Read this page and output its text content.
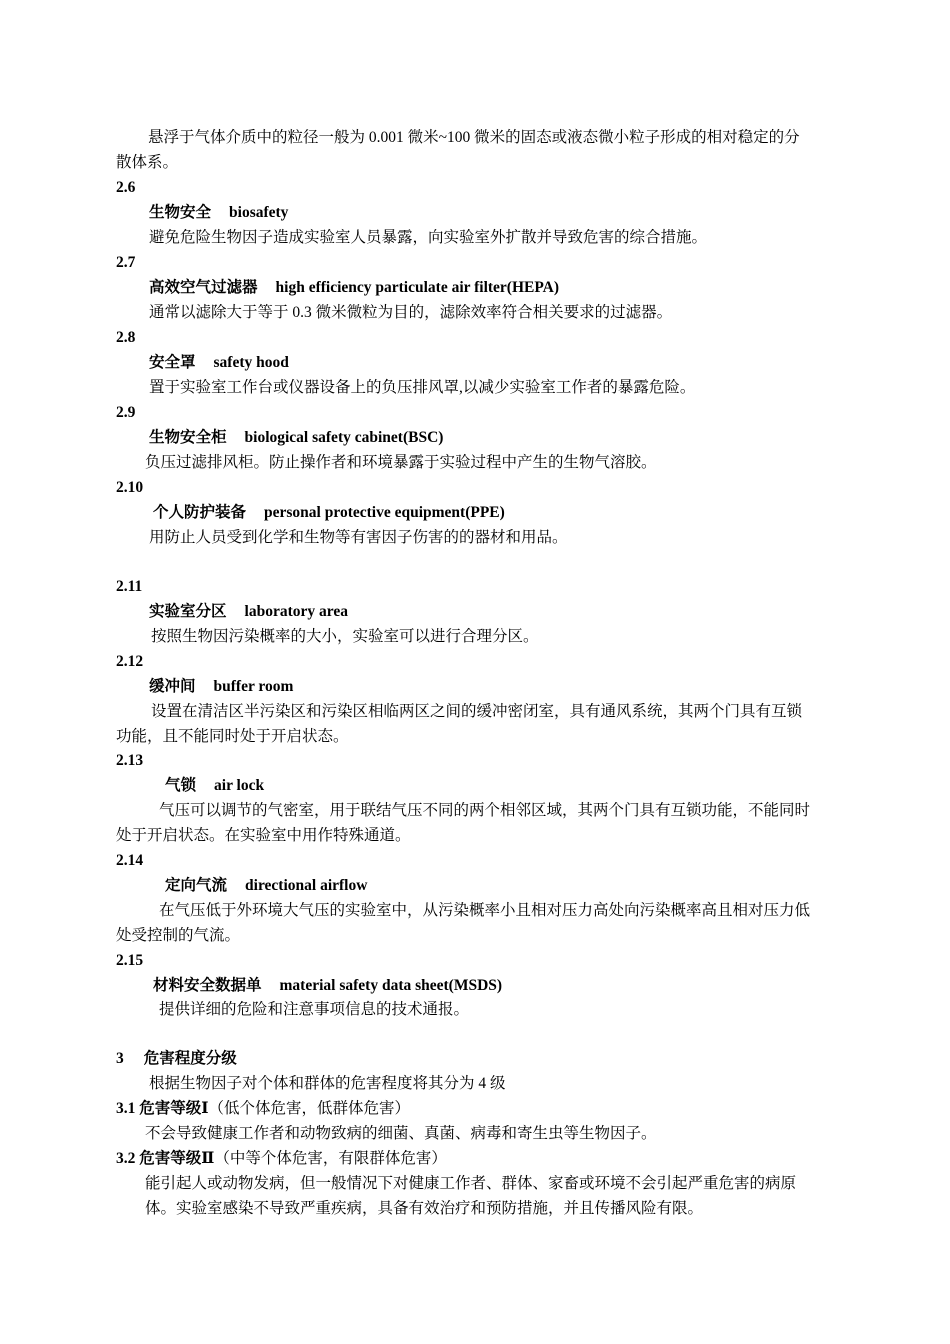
悬浮于气体介质中的粒径一般为 0.001 微米~100 微米的固态或液态微小粒子形成的相对稳定的分
散体系。
2.6
生物安全 biosafety
避免危险生物因子造成实验室人员暴露，向实验室外扩散并导致危害的综合措施。
2.7
高效空气过滤器 high efficiency particulate air filter(HEPA)
通常以滤除大于等于 0.3 微米微粒为目的，滤除效率符合相关要求的过滤器。
2.8
安全罩 safety hood
置于实验室工作台或仪器设备上的负压排风罩,以减少实验室工作者的暴露危险。
2.9
生物安全柜 biological safety cabinet(BSC)
负压过滤排风柜。防止操作者和环境暴露于实验过程中产生的生物气溶胶。
2.10
个人防护装备 personal protective equipment(PPE)
用防止人员受到化学和生物等有害因子伤害的的器材和用品。
2.11
实验室分区 laboratory area
按照生物因污染概率的大小，实验室可以进行合理分区。
2.12
缓冲间 buffer room
设置在清洁区半污染区和污染区相临两区之间的缓冲密闭室，具有通风系统，其两个门具有互锁
功能，且不能同时处于开启状态。
2.13
气锁 air lock
气压可以调节的气密室，用于联结气压不同的两个相邻区域，其两个门具有互锁功能，不能同时
处于开启状态。在实验室中用作特殊通道。
2.14
定向气流 directional airflow
在气压低于外环境大气压的实验室中，从污染概率小且相对压力高处向污染概率高且相对压力低
处受控制的气流。
2.15
材料安全数据单 material safety data sheet(MSDS)
提供详细的危险和注意事项信息的技术通报。
3 危害程度分级
根据生物因子对个体和群体的危害程度将其分为 4 级
3.1 危害等级Ⅰ（低个体危害，低群体危害）
不会导致健康工作者和动物致病的细菌、真菌、病毒和寄生虫等生物因子。
3.2 危害等级Ⅱ（中等个体危害，有限群体危害）
能引起人或动物发病，但一般情况下对健康工作者、群体、家畜或环境不会引起严重危害的病原
体。实验室感染不导致严重疾病，具备有效治疗和预防措施，并且传播风险有限。
